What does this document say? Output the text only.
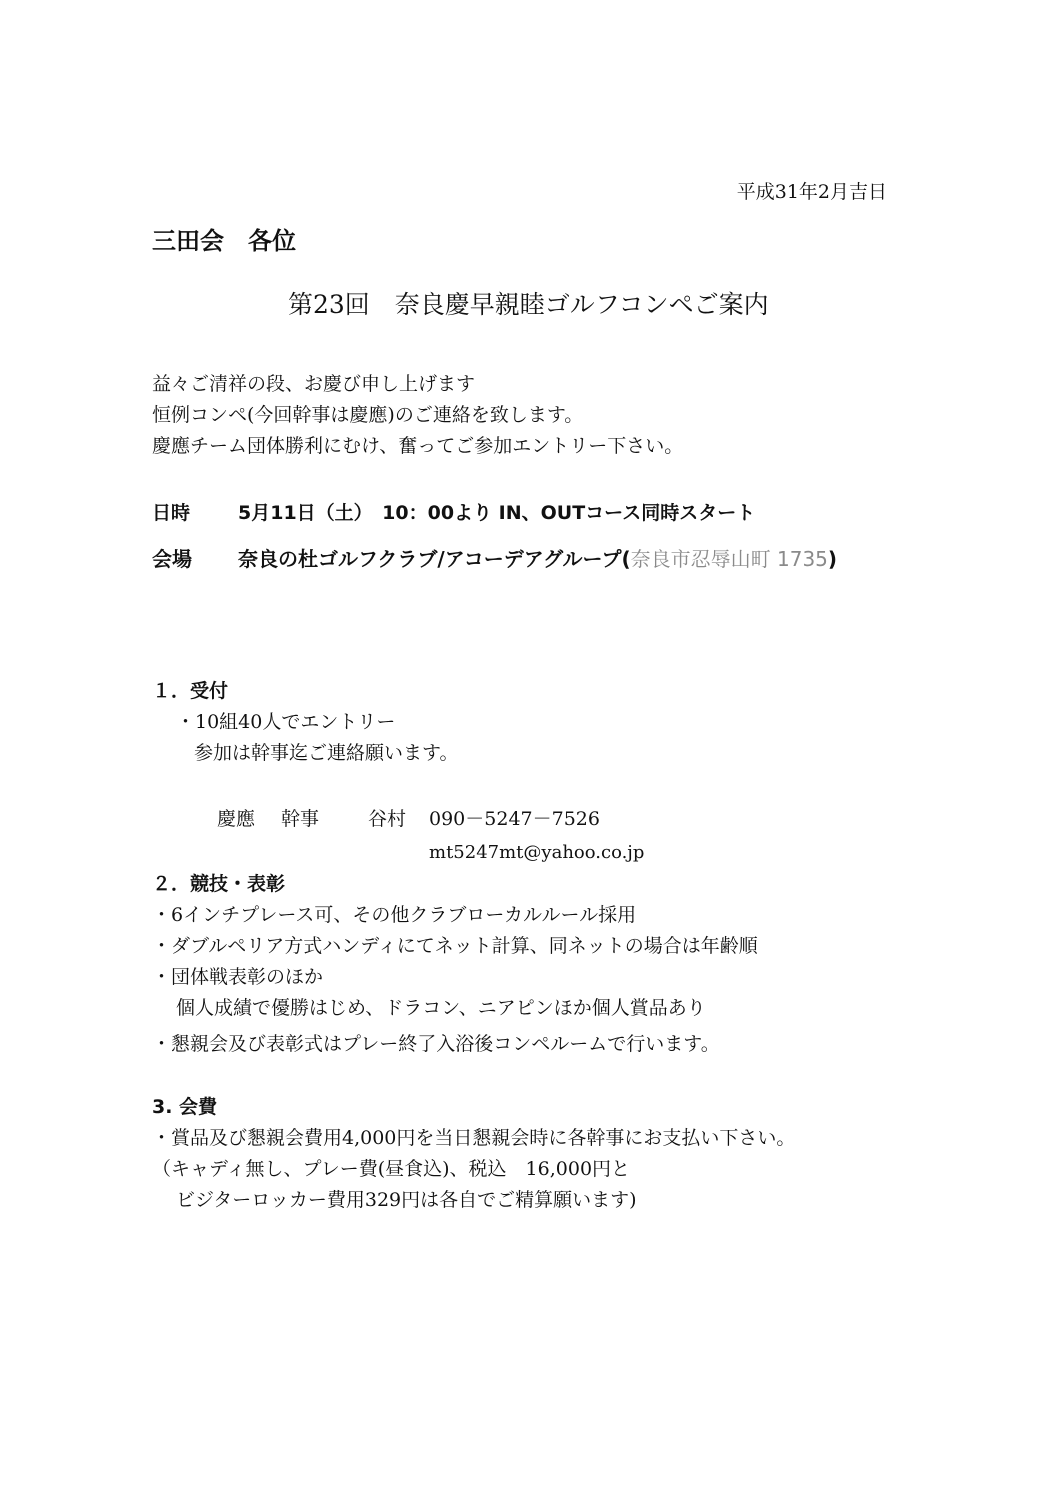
平成31年2月吉日
三田会　各位
第23回　奈良慶早親睦ゴルフコンペご案内
益々ご清祥の段、お慶び申し上げます
恒例コンペ(今回幹事は慶應)のご連絡を致します。
慶應チーム団体勝利にむけ、奮ってご参加エントリー下さい。
日時	5月11日（土）　10：00より IN、OUTコース同時スタート
会場 奈良の杜ゴルフクラブ/アコーデアグループ(奈良市忍辱山町 1735)
１．受付
・10組40人でエントリー
参加は幹事迄ご連絡願います。
慶應 幹事	谷村 090－5247－7526
mt5247mt@yahoo.co.jp
２．競技・表彰
・6インチプレース可、その他クラブローカルルール採用
・ダブルペリア方式ハンディにてネット計算、同ネットの場合は年齢順
・団体戦表彰のほか
個人成績で優勝はじめ、ドラコン、ニアピンほか個人賞品あり
・懇親会及び表彰式はプレー終了入浴後コンペルームで行います。
3. 会費
・賞品及び懇親会費用4,000円を当日懇親会時に各幹事にお支払い下さい。
（キャディ無し、プレー費(昼食込)、税込　16,000円と
ビジターロッカー費用329円は各自でご精算願います)
